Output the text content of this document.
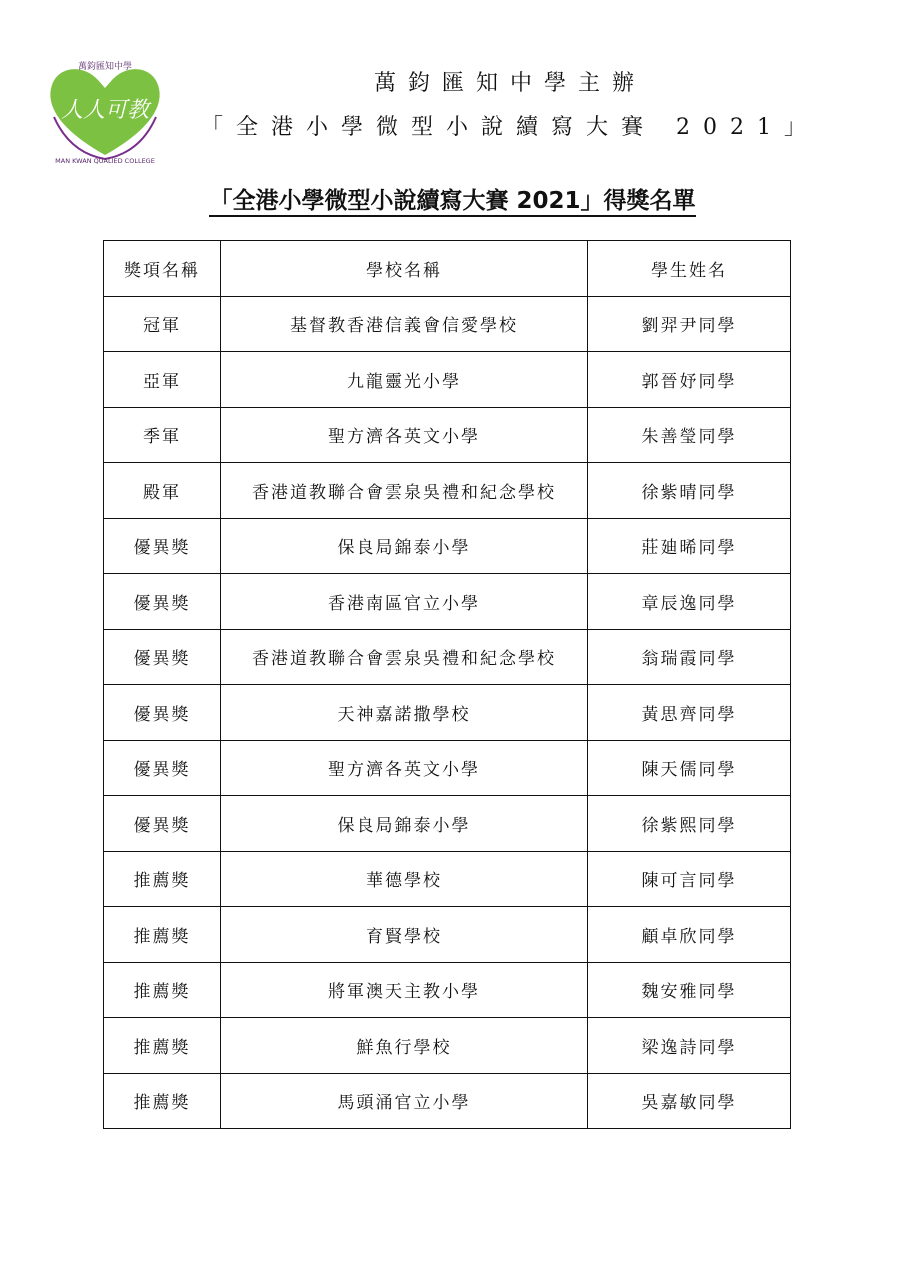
人人可教
萬鈞匯知中學
MAN KWAN QUALIED COLLEGE
萬鈞匯知中學主辦
「全港小學微型小說續寫大賽 2021」
「全港小學微型小說續寫大賽 2021」得獎名單
獎項名稱	學校名稱	學生姓名
冠軍	基督教香港信義會信愛學校	劉羿尹同學
亞軍	九龍靈光小學	郭晉妤同學
季軍	聖方濟各英文小學	朱善瑩同學
殿軍	香港道教聯合會雲泉吳禮和紀念學校	徐紫晴同學
優異獎	保良局錦泰小學	莊廸晞同學
優異獎	香港南區官立小學	章辰逸同學
優異獎	香港道教聯合會雲泉吳禮和紀念學校	翁瑞霞同學
優異獎	天神嘉諾撒學校	黃思齊同學
優異獎	聖方濟各英文小學	陳天儒同學
優異獎	保良局錦泰小學	徐紫熙同學
推薦獎	華德學校	陳可言同學
推薦獎	育賢學校	顧卓欣同學
推薦獎	將軍澳天主教小學	魏安雅同學
推薦獎	鮮魚行學校	梁逸詩同學
推薦獎	馬頭涌官立小學	吳嘉敏同學
